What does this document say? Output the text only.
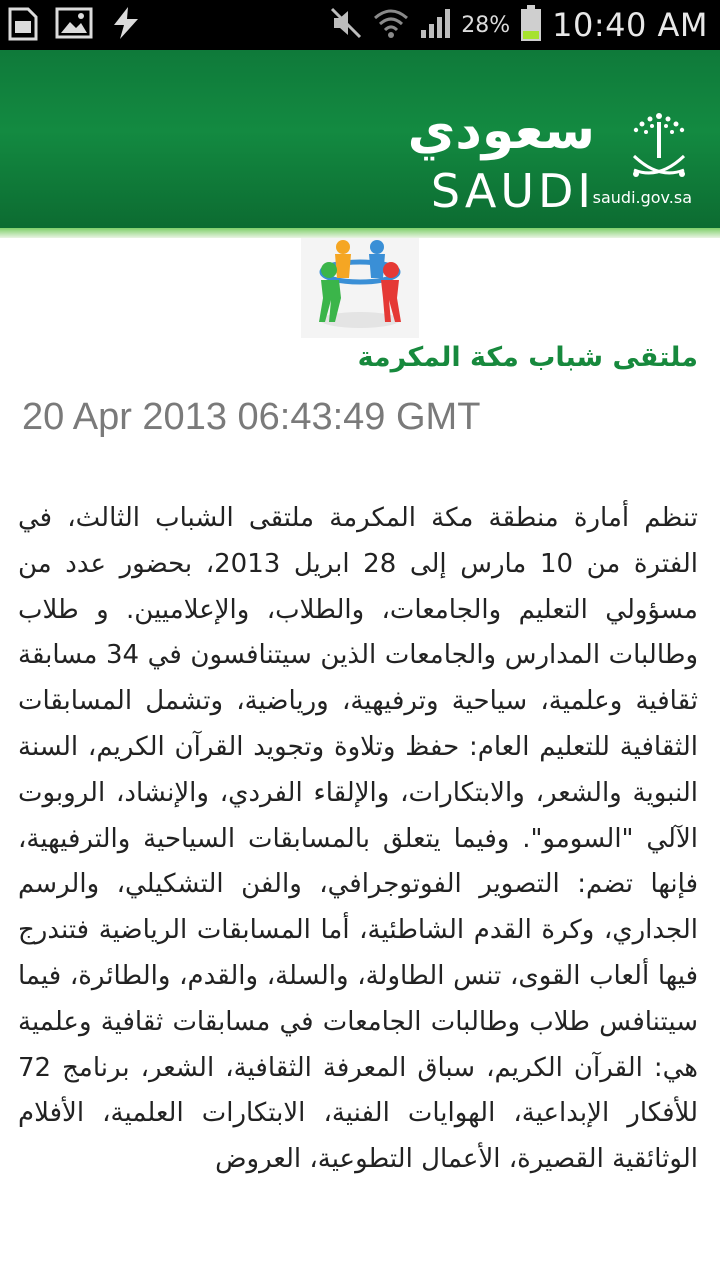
28% 10:40 AM
سعودي
SAUDI
saudi.gov.sa
ملتقى شباب مكة المكرمة
20 Apr 2013 06:43:49 GMT
تنظم أمارة منطقة مكة المكرمة ملتقى الشباب الثالث، في الفترة من 10 مارس إلى 28 ابريل 2013، بحضور عدد من مسؤولي التعليم والجامعات، والطلاب، والإعلاميين. و طلاب وطالبات المدارس والجامعات الذين سيتنافسون في 34 مسابقة ثقافية وعلمية، سياحية وترفيهية، ورياضية، وتشمل المسابقات الثقافية للتعليم العام: حفظ وتلاوة وتجويد القرآن الكريم، السنة النبوية والشعر، والابتكارات، والإلقاء الفردي، والإنشاد، الروبوت الآلي "السومو". وفيما يتعلق بالمسابقات السياحية والترفيهية، فإنها تضم: التصوير الفوتوجرافي، والفن التشكيلي، والرسم الجداري، وكرة القدم الشاطئية، أما المسابقات الرياضية فتندرج فيها ألعاب القوى، تنس الطاولة، والسلة، والقدم، والطائرة، فيما سيتنافس طلاب وطالبات الجامعات في مسابقات ثقافية وعلمية هي: القرآن الكريم، سباق المعرفة الثقافية، الشعر، برنامج 72 للأفكار الإبداعية، الهوايات الفنية، الابتكارات العلمية، الأفلام الوثائقية القصيرة، الأعمال التطوعية، العروض
